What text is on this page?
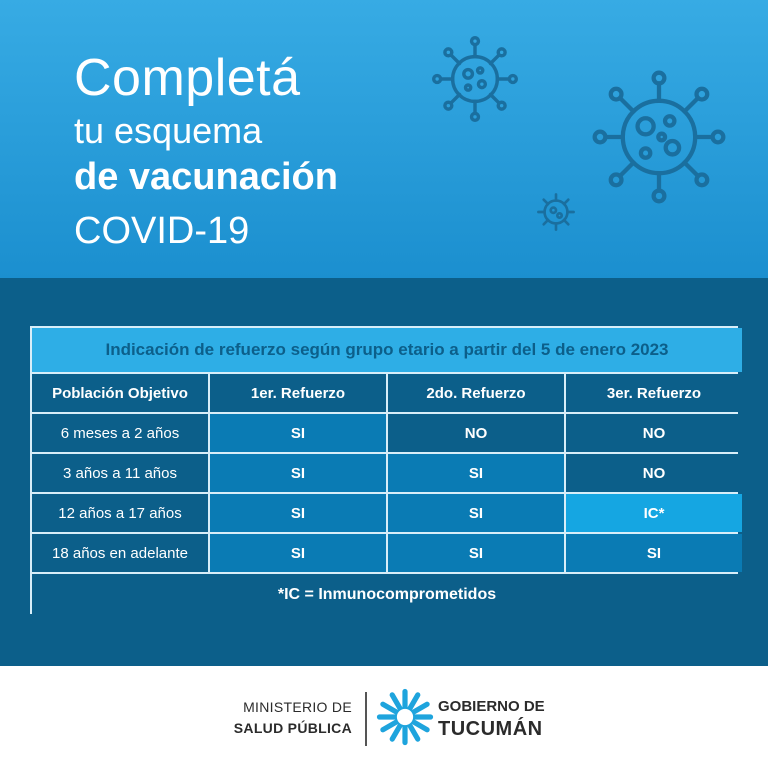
Completá
tu esquema
de vacunación
COVID-19
Indicación de refuerzo según grupo etario a partir del 5 de enero 2023
Población Objetivo	1er. Refuerzo	2do. Refuerzo	3er. Refuerzo
6 meses a 2 años	SI	NO	NO
3 años a 11 años	SI	SI	NO
12 años a 17 años	SI	SI	IC*
18 años en adelante	SI	SI	SI
*IC = Inmunocomprometidos
MINISTERIO DE
SALUD PÚBLICA
GOBIERNO DE
TUCUMÁN
